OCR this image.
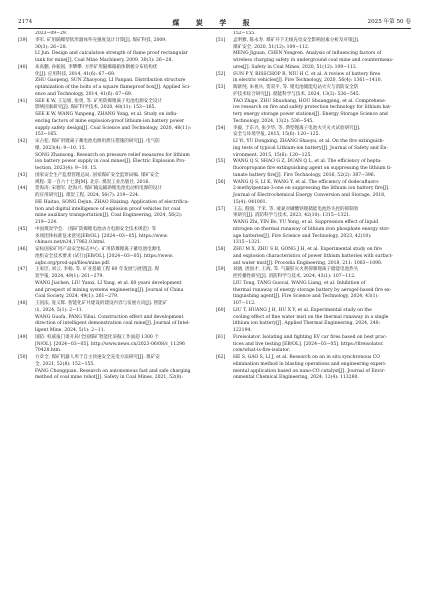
2174	煤 炭 学 报	2025 年第 50 卷
2023−09−29.
[39]	李军. 矿用隔爆型软形器体外壳强度设计计算[J]. 煤矿科技, 2009,
30(3): 26−28.
LI Jun. Design and calculation strength of flame proof rectangular
tank for mine[J]. Coal Mine Machinery, 2009, 30(3): 26−28.

[40]	朱高鹏, 孙振国, 李攀攀. 方形矿用隔爆箱箱体钢板分布结构优
化[J]. 应用科技, 2014, 41(6): 67−69.
ZHU Gaopeng, SUN Zhaoyong, LI Panpan. Distribution structure
optimization of the bolts of a square flameproof box[J]. Applied Sci-
ence and Technology, 2014, 41(6): 67−69.

[41]	SEE K W, 王运娟, 张勇, 等. 矿用防爆锂离子电池电源安全设计
影响因素研究[J]. 煤矿科学技术, 2020, 48(11): 153−165.
SEE K W, WANG Yunpeng, ZHANG Yong, et al. Study on influ-
encing factors of mine explosion-proof lithium-ion battery power
supply safety design[J]. Coal Science and Technology, 2020, 48(11):
153−165.

[42]	宋占松. 煤矿用锂离子蓄电池电源用泄压措施的研究[J]. 电气防
爆, 2023(4): 9−10, 15.
SONG Zhansong. Research on pressure relief measures for lithium
ion battery power supply in coal mines[J]. Electric Explosion Pro-
tection, 2023(4): 9−10, 15.

[43]	国家安全生产监督管理总局, 国家煤矿安全监察局编. 煤矿安全
规程: 第一百六十七条[M]. 北京: 煤炭工业出版社, 2016.

[44]	贺海涛, 宋德军, 赵海兴. 煤矿输运辅助锂电池电动机电源的设计
的应用研究[J]. 煤炭工程, 2024, 56(7): 219−224.
HE Haitao, SONG Dejun, ZHAO Haixing. Application of electrifica-
tion and digital intelligence of explosion proof vehicles for coal
mine auxiliary transportation[J]. Coal Engineering, 2024, 56(2):
219−224.

[45]	中国煤炭学会. 《煤矿防爆锂电池动力电源安全技术规范》等
多项团体标准征求意见[EB/OL]. [2024−03−05]. https://www.
chinacs.net/n34,17962,0.html.

[46]	安标国家矿用产品安全标志中心. 矿用防爆锂离子蓄电池电源电
池机安全技术要求 (试行)[EB/OL]. [2024−03−05]. https://www.
aqbz.org/prod-api/files/mine.pdf.

[47]	王家臣, 刘云, 李杨, 等. 矿业基础工程 60 年发展与展望[J]. 煤
炭学报, 2024, 49(1): 261−279.
WANG Jiachen, LIU Yunxi, LI Yang, et al. 60 years development
and prospect of mining systems engineering[J]. Journal of China
Coal Society, 2024, 49(1): 261−279.

[48]	王国法, 庞义辉. 智能化矿井建设的建设内容与发展方向[J]. 智能矿
山, 2024, 5(1): 2−11.
WANG Guofa, PANG Yihui. Construction effect and development
direction of intelligent demonstration coal mine[J]. Journal of Intel-
ligent Mine, 2024, 5(1): 2−11.

[49]	国防. 权威报门谈开局!全国煤矿智能化采掘工作面超 1300 个
[N/OL]. [2024−03−05]. http://www.news.cn/2023-06/08/c_11296
70428.htm.

[50]	方章全. 煤矿机器人用于自主快速安全充电方法研究[J]. 煤矿安
全, 2021, 52(8): 152−155.
FANG Chongquan. Research on autonomous fast and safe charging
method of coal mine robot[J]. Safety in Coal Mines, 2021, 52(8):

152−155.
[51]	孟明雅, 陈永寿. 煤矿井下无线充电安全影响因素分析及对策[J].
煤矿安全, 2020, 51(12): 109−112.
MENG Jiguan, CHEN Yongren. Analysis of influencing factors of
wireless charging safety in underground coal mine and countermeas-
ures[J]. Safety in Coal Mines, 2020, 51(12): 109−112.

[52]	SUN P Y, BISSCHOP R, NIU H C, et al. A review of battery fires
in electric vehicles[J]. Fire Technology, 2020, 56(4): 1361−1410.

[53]	陶歆纯, 朱祖兵, 贺双平, 等. 锂电池储能电站火灾与消防安全防
护技术综合研究[J]. 储能科学与技术, 2024, 13(2): 536−545.
TAO Zhige, ZHU Shuohang, HOU Shuangping, et al. Comprehens-
ive research on fire and safety protection technology for lithium bat-
tery energy storage power stations[J]. Energy Storage Science and
Technology, 2024, 13(2): 536−545.

[54]	李毅, 于东兴, 张少华, 等. 典型锂离子电池火灾灭火试验研究[J].
安全与环境学报, 2015, 15(6): 120−125.
LI Yi, YU Dongxing, ZHANG Shaoyu, et al. On the fire extinguish-
ing tests of typical Lithium-ion battery[J]. Journal of Safety and En-
vironment, 2015, 15(6): 120−125.

[55]	WANG Q S, SHAO G Z, DUAN Q L, et al. The efficiency of hepta-
fluoropropane fire extinguishing agent on suppressing the lithium ti-
tanate battery fire[J]. Fire Technology, 2016, 52(2): 387−396.

[56]	WANG Q S, LI K, WANG Y, et al. The efficiency of dodecafluoro-
2-methylpentan-3-one on suppressing the lithium ion battery fire[J].
Journal of Electrochemical Energy Conversion and Storage, 2018,
15(4): 041001.

[57]	王志, 殷强, 于禾, 等. 液氮对磷酸铁锂储能电池热失控的抑制效
果研究[J]. 消防科学与技术, 2023, 42(10): 1315−1321.
WANG Zhi, YIN Bo, YU Yong, et al. Suppression effect of liquid
nitrogen on thermal runaway of lithium iron phosphate energy stor-
age batteries[J]. Fire Science and Technology, 2023, 42(10):
1315−1321.

[58]	ZHU M X, ZHU S B, GONG J H, et al. Experimental study on fire
and explosion characteristics of power lithium batteries with surfact-
ant water mist[J]. Procedia Engineering, 2018, 211: 1083−1090.

[59]	刘涵, 唐国才, 王海, 等. 气凝胶灭火剂抑制锂离子储能电池热失
控传播性研究[J]. 消防科学与技术, 2024, 43(1): 107−112.
LIU Tong, TANG Guocai, WANG Liang, et al. Inhibition of
thermal runaway of energy storage battery by aerogel-based fire ex-
tinguishing agent[J]. Fire Science and Technology, 2024, 43(1):
107−112.

[60]	LIU T, HUANG J H, HU X Y, et al. Experimental study on the
cooling effect of fine water mist on the thermal runaway in a single
lithium ion battery[J]. Applied Thermal Engineering, 2024, 240:
122194.

[61]	Fireisolator. Isolating and fighting EV car fires based on best prac-
tices and live testing [EB/OL]. [2024−03−05]. https://fireisolator.
com/what-is-fire-isolator.

[62]	HE S, GAO S, LI J, et al. Research on an in situ synchronous CO
elimination method in blasting operations and engineering experi-
mental application based on nano-CO catalyst[J]. Journal of Envir-
onmental Chemical Engineering, 2024, 12(4): 113260.
